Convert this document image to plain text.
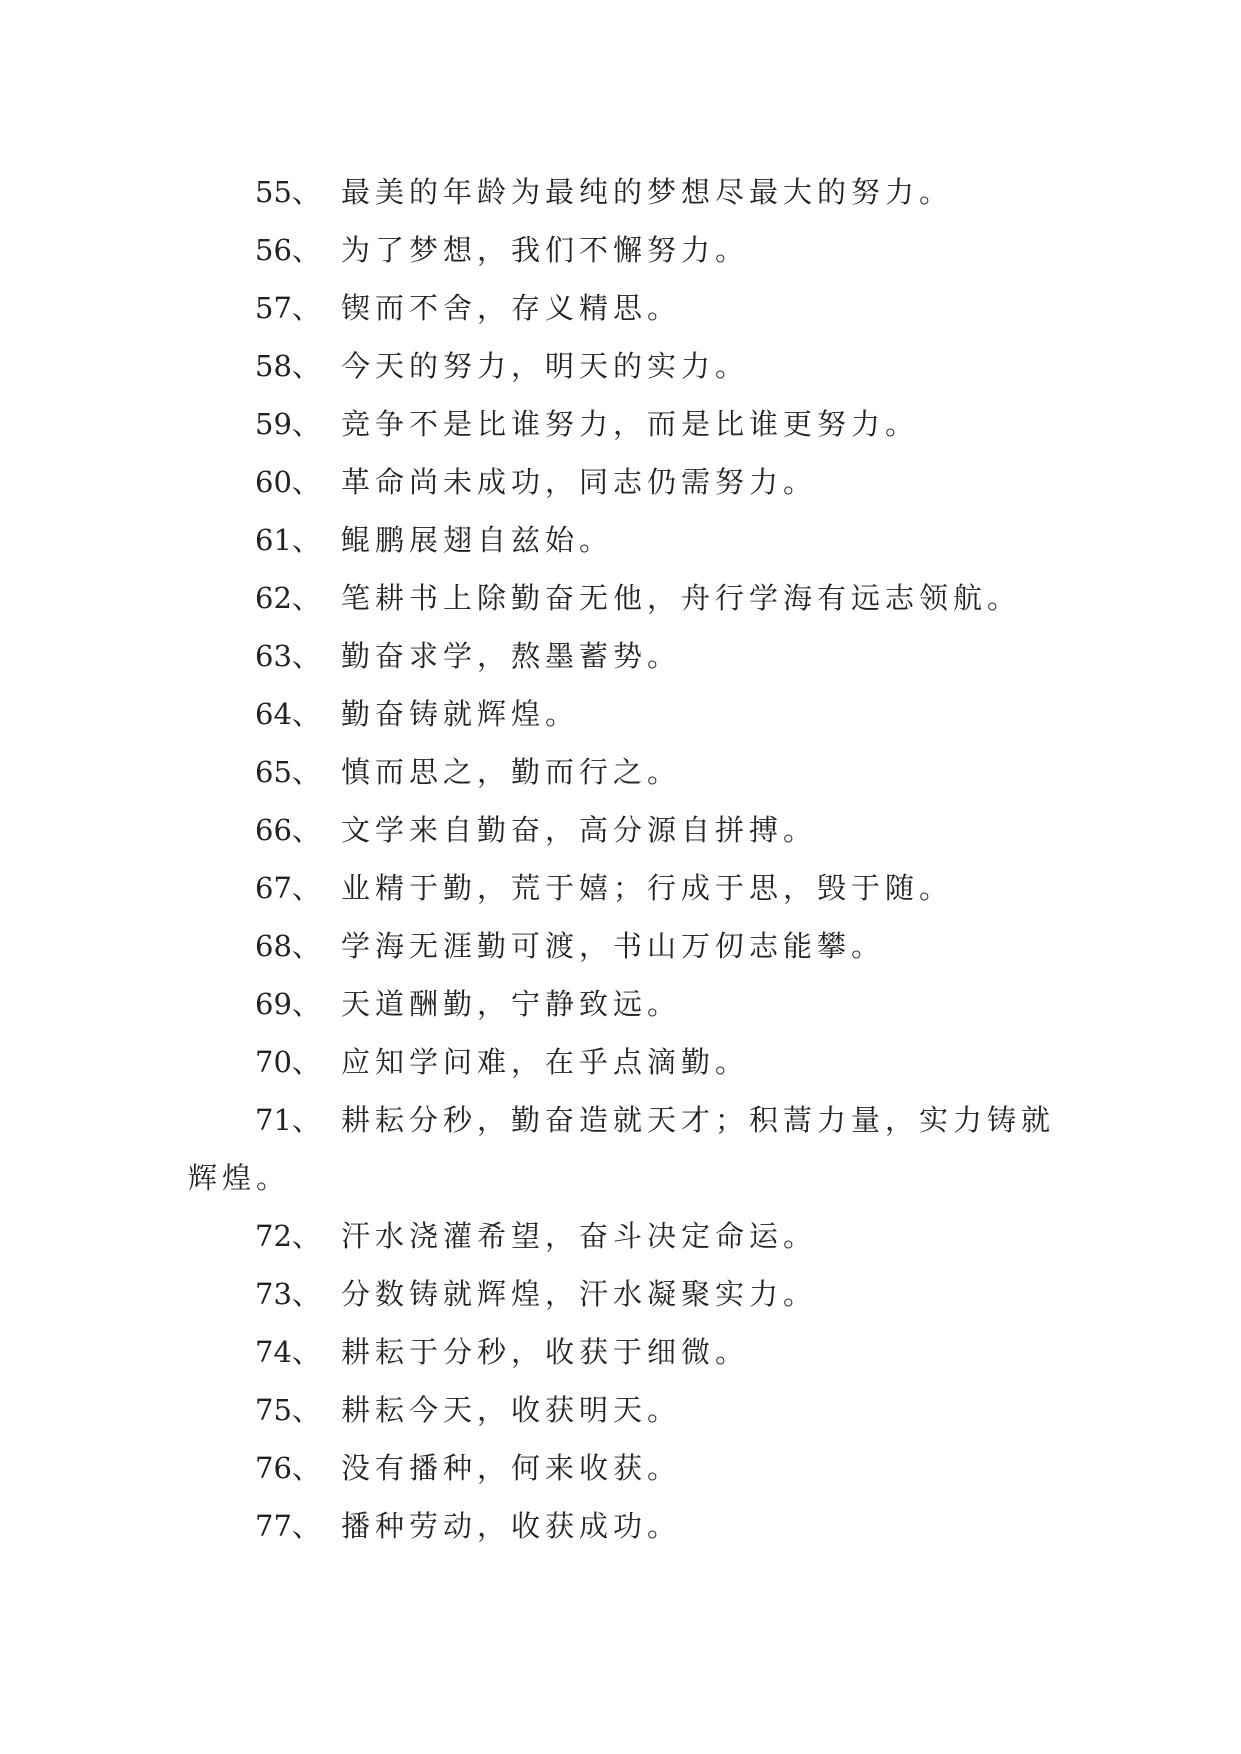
55、 最美的年龄为最纯的梦想尽最大的努力。
56、 为了梦想，我们不懈努力。
57、 锲而不舍，存义精思。
58、 今天的努力，明天的实力。
59、 竞争不是比谁努力，而是比谁更努力。
60、 革命尚未成功，同志仍需努力。
61、 鲲鹏展翅自兹始。
62、 笔耕书上除勤奋无他，舟行学海有远志领航。
63、 勤奋求学，熬墨蓄势。
64、 勤奋铸就辉煌。
65、 慎而思之，勤而行之。
66、 文学来自勤奋，高分源自拼搏。
67、 业精于勤，荒于嬉；行成于思，毁于随。
68、 学海无涯勤可渡，书山万仞志能攀。
69、 天道酬勤，宁静致远。
70、 应知学问难，在乎点滴勤。
71、 耕耘分秒，勤奋造就天才；积蒿力量，实力铸就辉煌。
72、 汗水浇灌希望，奋斗决定命运。
73、 分数铸就辉煌，汗水凝聚实力。
74、 耕耘于分秒，收获于细微。
75、 耕耘今天，收获明天。
76、 没有播种，何来收获。
77、 播种劳动，收获成功。
